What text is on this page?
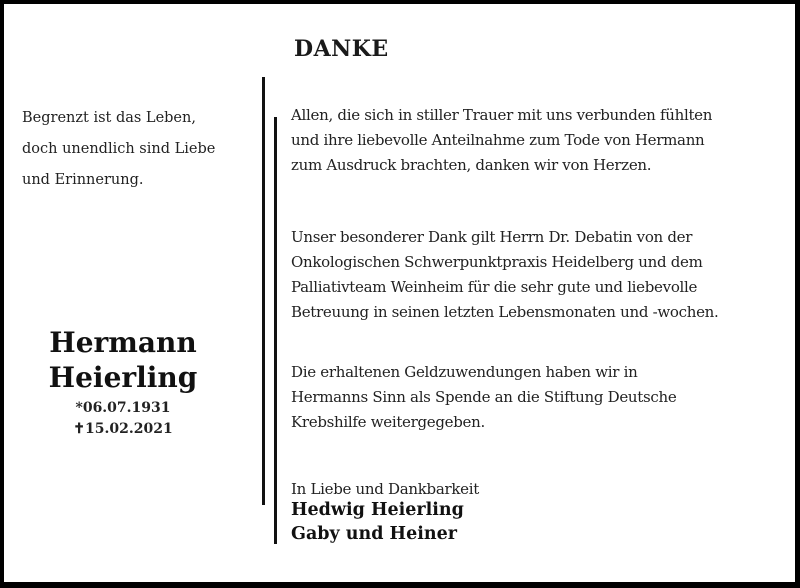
DANKE
Begrenzt ist das Leben,
doch unendlich sind Liebe
und Erinnerung.
Hermann
Heierling
*06.07.1931
✝15.02.2021
Allen, die sich in stiller Trauer mit uns verbunden fühlten
und ihre liebevolle Anteilnahme zum Tode von Hermann
zum Ausdruck brachten, danken wir von Herzen.
Unser besonderer Dank gilt Herrn Dr. Debatin von der
Onkologischen Schwerpunktpraxis Heidelberg und dem
Palliativteam Weinheim für die sehr gute und liebevolle
Betreuung in seinen letzten Lebensmonaten und -wochen.
Die erhaltenen Geldzuwendungen haben wir in
Hermanns Sinn als Spende an die Stiftung Deutsche
Krebshilfe weitergegeben.
In Liebe und Dankbarkeit
Hedwig Heierling
Gaby und Heiner
